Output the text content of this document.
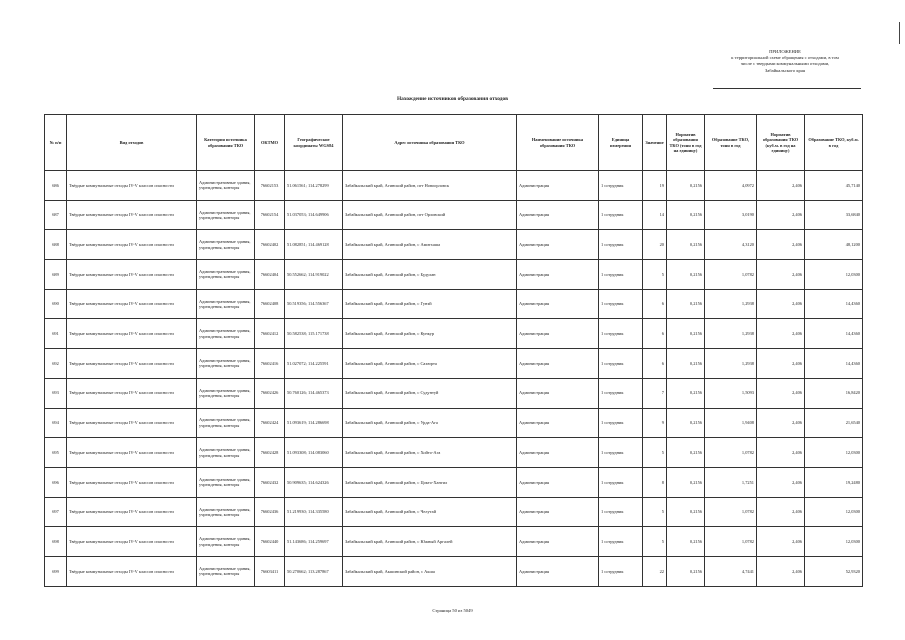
ПРИЛОЖЕНИЕ
к территориальной схеме обращения с отходами, в том
числе с твердыми коммунальными отходами,
Забайкальского края
Нахождение источников образования отходов
№ п/п	Вид отходов	Категория источника образования ТКО	ОКТМО	Географические координаты WGS84	Адрес источника образования ТКО	Наименование источника образования ТКО	Единица измерения	Значение	Норматив образования ТКО (тонн в год на единицу)	Образование ТКО, тонн в год	Норматив образования ТКО (куб.м. в год на единицу)	Образование ТКО, куб.м. в год
686	Твёрдые коммунальные отходы IV-V классов опасности	Административные здания, учреждения, конторы	76602153	51.061561; 114.278299	Забайкальский край, Агинский район, пгт Новоорловск	Администрация	1 сотрудник	19	0,2156	4,0972	2,406	45,7140
687	Твёрдые коммунальные отходы IV-V классов опасности	Административные здания, учреждения, конторы	76602154	51.037053; 114.649906	Забайкальский край, Агинский район, пгт Орловский	Администрация	1 сотрудник	14	0,2156	3,0190	2,406	33,6840
688	Твёрдые коммунальные отходы IV-V классов опасности	Административные здания, учреждения, конторы	76602402	51.082851; 114.469128	Забайкальский край, Агинский район, с Амитхаша	Администрация	1 сотрудник	20	0,2156	4,3120	2,406	48,1200
689	Твёрдые коммунальные отходы IV-V классов опасности	Административные здания, учреждения, конторы	76602404	50.552662; 114.919022	Забайкальский край, Агинский район, с Будулан	Администрация	1 сотрудник	5	0,2156	1,0782	2,406	12,0300
690	Твёрдые коммунальные отходы IV-V классов опасности	Административные здания, учреждения, конторы	76602408	50.519356; 114.556367	Забайкальский край, Агинский район, с Гунэй	Администрация	1 сотрудник	6	0,2156	1,2938	2,406	14,4360
691	Твёрдые коммунальные отходы IV-V классов опасности	Административные здания, учреждения, конторы	76602412	50.582538; 115.171738	Забайкальский край, Агинский район, с Кункур	Администрация	1 сотрудник	6	0,2156	1,2938	2,406	14,4360
692	Твёрдые коммунальные отходы IV-V классов опасности	Административные здания, учреждения, конторы	76602416	51.027072; 114.225591	Забайкальский край, Агинский район, с Сахюрта	Администрация	1 сотрудник	6	0,2156	1,2938	2,406	14,4360
693	Твёрдые коммунальные отходы IV-V классов опасности	Административные здания, учреждения, конторы	76602426	50.760126; 114.465373	Забайкальский край, Агинский район, с Судунтуй	Администрация	1 сотрудник	7	0,2156	1,5093	2,406	16,8420
694	Твёрдые коммунальные отходы IV-V классов опасности	Административные здания, учреждения, конторы	76602424	51.093619; 114.286698	Забайкальский край, Агинский район, с Урда-Ага	Администрация	1 сотрудник	9	0,2156	1,9408	2,406	21,6540
695	Твёрдые коммунальные отходы IV-V классов опасности	Административные здания, учреждения, конторы	76602428	51.093308; 114.083060	Забайкальский край, Агинский район, с Хойто-Ага	Администрация	1 сотрудник	5	0,2156	1,0782	2,406	12,0300
696	Твёрдые коммунальные отходы IV-V классов опасности	Административные здания, учреждения, конторы	76602432	50.909635; 114.624326	Забайкальский край, Агинский район, с Цокто-Хангил	Администрация	1 сотрудник	8	0,2156	1,7251	2,406	19,2480
697	Твёрдые коммунальные отходы IV-V классов опасности	Административные здания, учреждения, конторы	76602436	51.219930; 114.335580	Забайкальский край, Агинский район, с Челутай	Администрация	1 сотрудник	5	0,2156	1,0782	2,406	12,0300
698	Твёрдые коммунальные отходы IV-V классов опасности	Административные здания, учреждения, конторы	76602440	51.143686; 114.259697	Забайкальский край, Агинский район, с Южный Аргалей	Администрация	1 сотрудник	5	0,2156	1,0782	2,406	12,0300
699	Твёрдые коммунальные отходы IV-V классов опасности	Административные здания, учреждения, конторы	76603411	50.270662; 113.287867	Забайкальский край, Акшинский район, с Акша	Администрация	1 сотрудник	22	0,2156	4,7441	2,406	52,9320
Страница 50 из 5049
